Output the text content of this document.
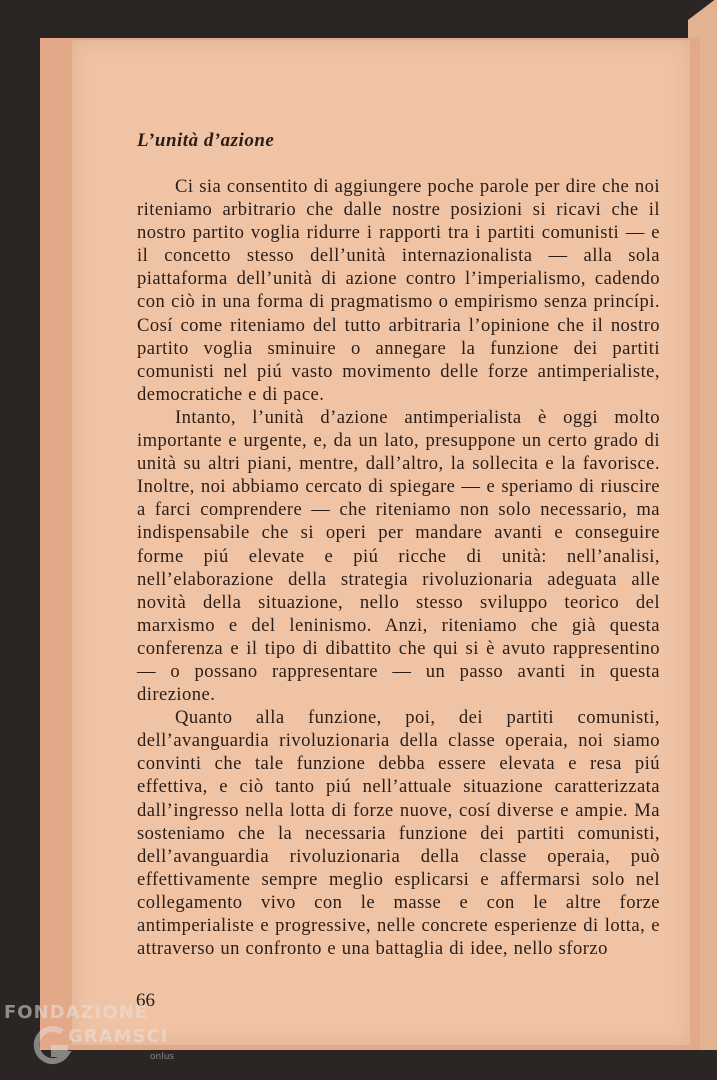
L’unità d’azione

Ci sia consentito di aggiungere poche parole per dire che noi riteniamo arbitrario che dalle nostre posizioni si ricavi che il nostro partito voglia ridurre i rapporti tra i partiti comunisti — e il concetto stesso dell’unità internazionalista — alla sola piattaforma dell’unità di azione contro l’imperialismo, cadendo con ciò in una forma di pragmatismo o empirismo senza princípi. Cosí come riteniamo del tutto arbitraria l’opinione che il nostro partito voglia sminuire o annegare la funzione dei partiti comunisti nel piú vasto movimento delle forze antimperialiste, democratiche e di pace.

Intanto, l’unità d’azione antimperialista è oggi molto importante e urgente, e, da un lato, presuppone un certo grado di unità su altri piani, mentre, dall’altro, la sollecita e la favorisce. Inoltre, noi abbiamo cercato di spiegare — e speriamo di riuscire a farci comprendere — che riteniamo non solo necessario, ma indispensabile che si operi per mandare avanti e conseguire forme piú elevate e piú ricche di unità: nell’analisi, nell’elaborazione della strategia rivoluzionaria adeguata alle novità della situazione, nello stesso sviluppo teorico del marxismo e del leninismo. Anzi, riteniamo che già questa conferenza e il tipo di dibattito che qui si è avuto rappresentino — o possano rappresentare — un passo avanti in questa direzione.

Quanto alla funzione, poi, dei partiti comunisti, dell’avanguardia rivoluzionaria della classe operaia, noi siamo convinti che tale funzione debba essere elevata e resa piú effettiva, e ciò tanto piú nell’attuale situazione caratterizzata dall’ingresso nella lotta di forze nuove, cosí diverse e ampie. Ma sosteniamo che la necessaria funzione dei partiti comunisti, dell’avanguardia rivoluzionaria della classe operaia, può effettivamente sempre meglio esplicarsi e affermarsi solo nel collegamento vivo con le masse e con le altre forze antimperialiste e progressive, nelle concrete esperienze di lotta, e attraverso un confronto e una battaglia di idee, nello sforzo

66

FONDAZIONE
GRAMSCI
onlus
